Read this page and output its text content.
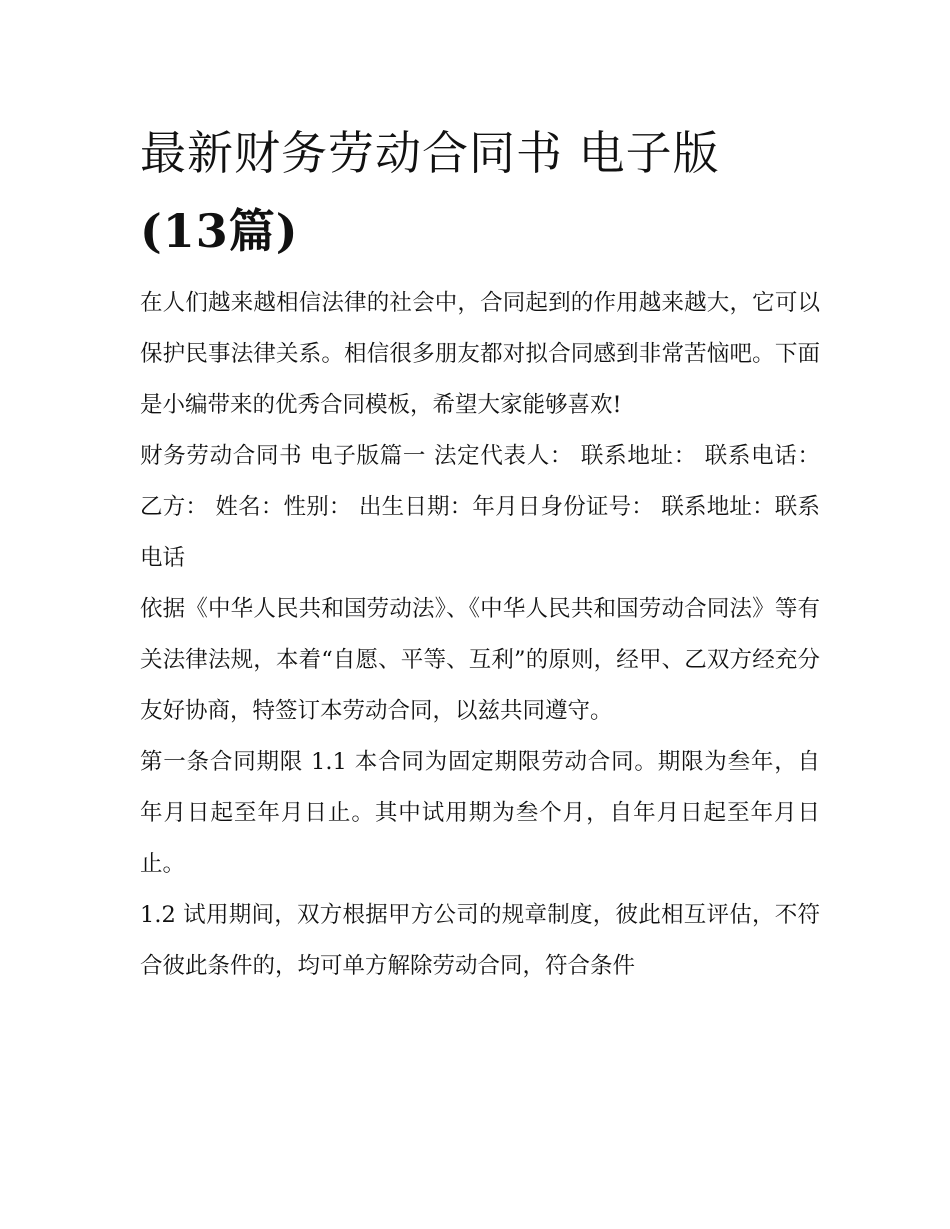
最新财务劳动合同书 电子版
(13篇)

在人们越来越相信法律的社会中，合同起到的作用越来越大，它可以保护民事法律关系。相信很多朋友都对拟合同感到非常苦恼吧。下面是小编带来的优秀合同模板，希望大家能够喜欢!

财务劳动合同书 电子版篇一 法定代表人： 联系地址： 联系电话： 乙方： 姓名：性别： 出生日期：年月日身份证号： 联系地址：联系电话

依据《中华人民共和国劳动法》、《中华人民共和国劳动合同法》等有关法律法规，本着“自愿、平等、互利”的原则，经甲、乙双方经充分友好协商，特签订本劳动合同，以兹共同遵守。

第一条合同期限 1.1 本合同为固定期限劳动合同。期限为叁年，自年月日起至年月日止。其中试用期为叁个月，自年月日起至年月日止。

1.2 试用期间，双方根据甲方公司的规章制度，彼此相互评估，不符合彼此条件的，均可单方解除劳动合同，符合条件
